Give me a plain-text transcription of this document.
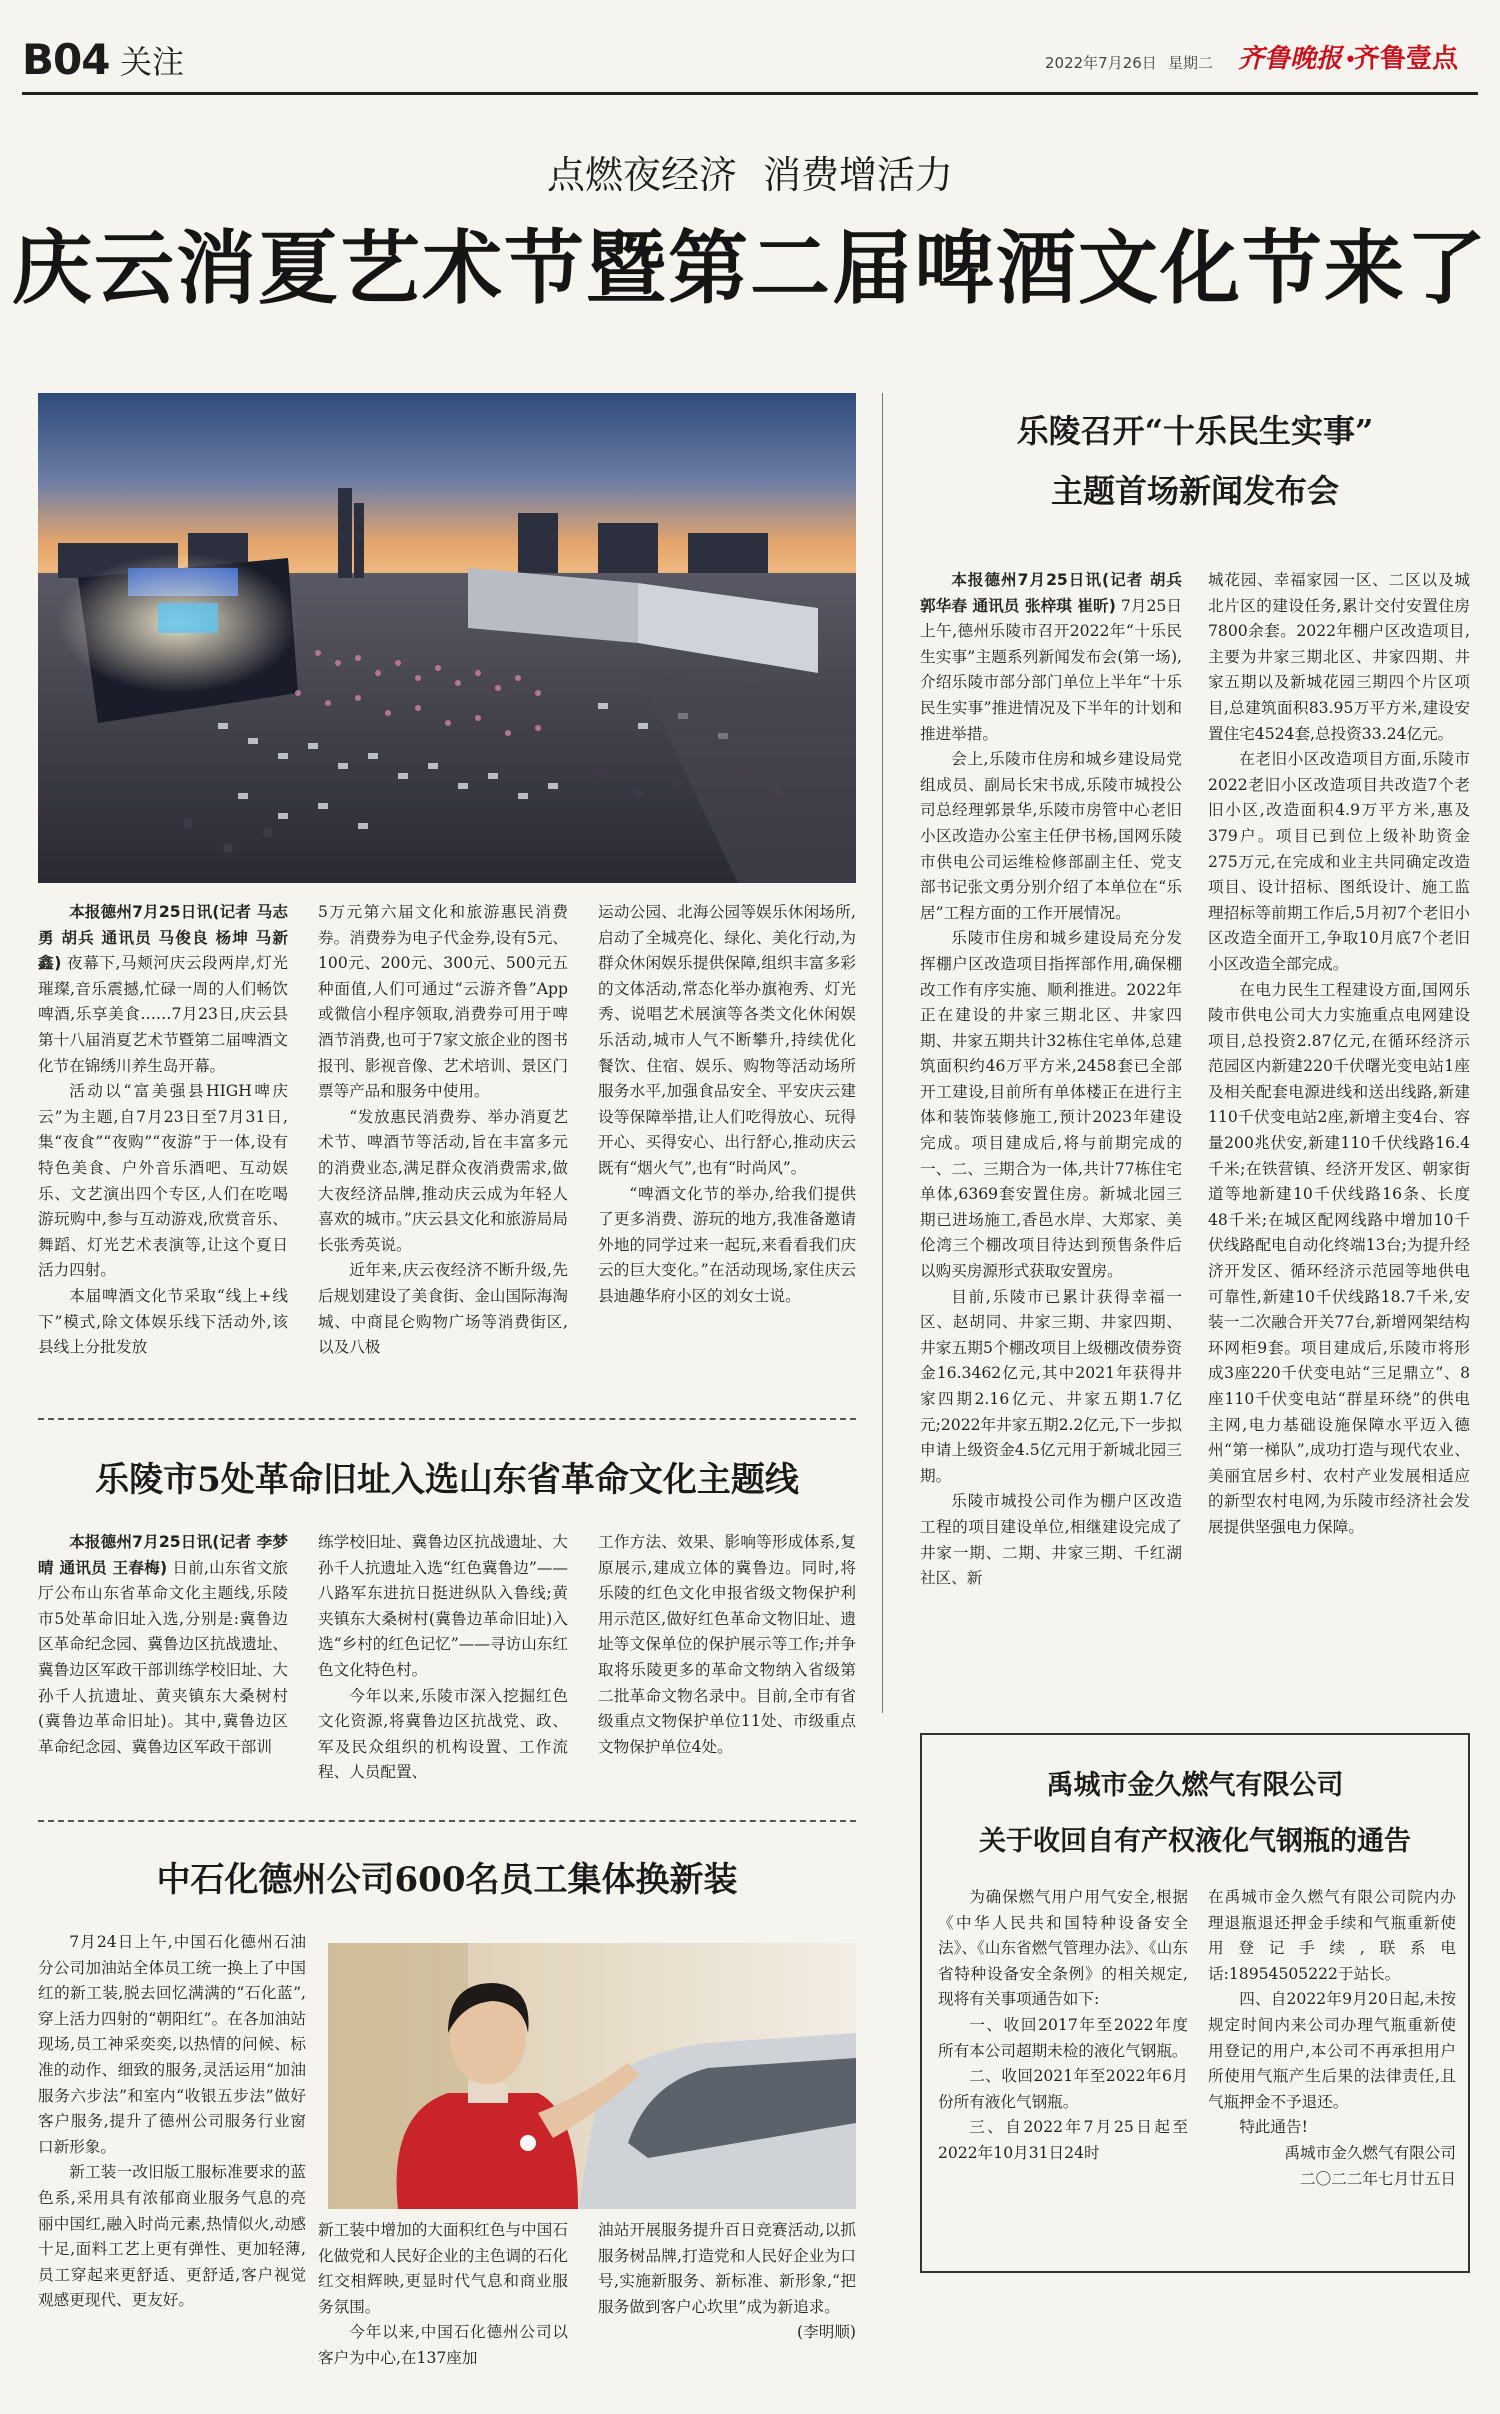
B04 关注	2022年7月26日 星期二 齐鲁晚报 •
齐鲁壹点
点燃夜经济 消费增活力
庆云消夏艺术节暨第二届啤酒文化节来了

本报德州7月25日讯(记者 马志勇 胡兵 通讯员 马俊良 杨坤 马新鑫) 夜幕下,马颊河庆云段两岸,灯光璀璨,音乐震撼,忙碌一周的人们畅饮啤酒,乐享美食……7月23日,庆云县第十八届消夏艺术节暨第二届啤酒文化节在锦绣川养生岛开幕。

活动以“富美强县HIGH啤庆云”为主题,自7月23日至7月31日,集“夜食”“夜购”“夜游”于一体,设有特色美食、户外音乐酒吧、互动娱乐、文艺演出四个专区,人们在吃喝游玩购中,参与互动游戏,欣赏音乐、舞蹈、灯光艺术表演等,让这个夏日活力四射。

本届啤酒文化节采取“线上+线下”模式,除文体娱乐线下活动外,该县线上分批发放

5万元第六届文化和旅游惠民消费券。消费券为电子代金券,设有5元、100元、200元、300元、500元五种面值,人们可通过“云游齐鲁”App或微信小程序领取,消费券可用于啤酒节消费,也可于7家文旅企业的图书报刊、影视音像、艺术培训、景区门票等产品和服务中使用。

“发放惠民消费券、举办消夏艺术节、啤酒节等活动,旨在丰富多元的消费业态,满足群众夜消费需求,做大夜经济品牌,推动庆云成为年轻人喜欢的城市。”庆云县文化和旅游局局长张秀英说。

近年来,庆云夜经济不断升级,先后规划建设了美食街、金山国际海淘城、中商昆仑购物广场等消费街区,以及八极

运动公园、北海公园等娱乐休闲场所,启动了全城亮化、绿化、美化行动,为群众休闲娱乐提供保障,组织丰富多彩的文体活动,常态化举办旗袍秀、灯光秀、说唱艺术展演等各类文化休闲娱乐活动,城市人气不断攀升,持续优化餐饮、住宿、娱乐、购物等活动场所服务水平,加强食品安全、平安庆云建设等保障举措,让人们吃得放心、玩得开心、买得安心、出行舒心,推动庆云既有“烟火气”,也有“时尚风”。

“啤酒文化节的举办,给我们提供了更多消费、游玩的地方,我准备邀请外地的同学过来一起玩,来看看我们庆云的巨大变化。”在活动现场,家住庆云县迪趣华府小区的刘女士说。

乐陵市5处革命旧址入选山东省革命文化主题线

本报德州7月25日讯(记者 李梦晴 通讯员 王春梅) 日前,山东省文旅厅公布山东省革命文化主题线,乐陵市5处革命旧址入选,分别是:冀鲁边区革命纪念园、冀鲁边区抗战遗址、冀鲁边区军政干部训练学校旧址、大孙千人抗遗址、黄夹镇东大桑树村(冀鲁边革命旧址)。其中,冀鲁边区革命纪念园、冀鲁边区军政干部训

练学校旧址、冀鲁边区抗战遗址、大孙千人抗遗址入选“红色冀鲁边”——八路军东进抗日挺进纵队入鲁线;黄夹镇东大桑树村(冀鲁边革命旧址)入选“乡村的红色记忆”——寻访山东红色文化特色村。

今年以来,乐陵市深入挖掘红色文化资源,将冀鲁边区抗战党、政、军及民众组织的机构设置、工作流程、人员配置、

工作方法、效果、影响等形成体系,复原展示,建成立体的冀鲁边。同时,将乐陵的红色文化申报省级文物保护利用示范区,做好红色革命文物旧址、遗址等文保单位的保护展示等工作;并争取将乐陵更多的革命文物纳入省级第二批革命文物名录中。目前,全市有省级重点文物保护单位11处、市级重点文物保护单位4处。

中石化德州公司600名员工集体换新装

7月24日上午,中国石化德州石油分公司加油站全体员工统一换上了中国红的新工装,脱去回忆满满的“石化蓝”,穿上活力四射的“朝阳红”。在各加油站现场,员工神采奕奕,以热情的问候、标准的动作、细致的服务,灵活运用“加油服务六步法”和室内“收银五步法”做好客户服务,提升了德州公司服务行业窗口新形象。

新工装一改旧版工服标准要求的蓝色系,采用具有浓郁商业服务气息的亮丽中国红,融入时尚元素,热情似火,动感十足,面料工艺上更有弹性、更加轻薄,员工穿起来更舒适、更舒适,客户视觉观感更现代、更友好。

新工装中增加的大面积红色与中国石化做党和人民好企业的主色调的石化红交相辉映,更显时代气息和商业服务氛围。

今年以来,中国石化德州公司以客户为中心,在137座加

油站开展服务提升百日竞赛活动,以抓服务树品牌,打造党和人民好企业为口号,实施新服务、新标准、新形象,“把服务做到客户心坎里”成为新追求。

(李明顺)

乐陵召开“十乐民生实事”
主题首场新闻发布会

本报德州7月25日讯(记者 胡兵 郭华春 通讯员 张梓琪 崔昕) 7月25日上午,德州乐陵市召开2022年“十乐民生实事”主题系列新闻发布会(第一场),介绍乐陵市部分部门单位上半年“十乐民生实事”推进情况及下半年的计划和推进举措。

会上,乐陵市住房和城乡建设局党组成员、副局长宋书成,乐陵市城投公司总经理郭景华,乐陵市房管中心老旧小区改造办公室主任伊书杨,国网乐陵市供电公司运维检修部副主任、党支部书记张文勇分别介绍了本单位在“乐居”工程方面的工作开展情况。

乐陵市住房和城乡建设局充分发挥棚户区改造项目指挥部作用,确保棚改工作有序实施、顺利推进。2022年正在建设的井家三期北区、井家四期、井家五期共计32栋住宅单体,总建筑面积约46万平方米,2458套已全部开工建设,目前所有单体楼正在进行主体和装饰装修施工,预计2023年建设完成。项目建成后,将与前期完成的一、二、三期合为一体,共计77栋住宅单体,6369套安置住房。新城北园三期已进场施工,香邑水岸、大郑家、美伦湾三个棚改项目待达到预售条件后以购买房源形式获取安置房。

目前,乐陵市已累计获得幸福一区、赵胡同、井家三期、井家四期、井家五期5个棚改项目上级棚改债券资金16.3462亿元,其中2021年获得井家四期2.16亿元、井家五期1.7亿元;2022年井家五期2.2亿元,下一步拟申请上级资金4.5亿元用于新城北园三期。

乐陵市城投公司作为棚户区改造工程的项目建设单位,相继建设完成了井家一期、二期、井家三期、千红湖社区、新

城花园、幸福家园一区、二区以及城北片区的建设任务,累计交付安置住房7800余套。2022年棚户区改造项目,主要为井家三期北区、井家四期、井家五期以及新城花园三期四个片区项目,总建筑面积83.95万平方米,建设安置住宅4524套,总投资33.24亿元。

在老旧小区改造项目方面,乐陵市2022老旧小区改造项目共改造7个老旧小区,改造面积4.9万平方米,惠及379户。项目已到位上级补助资金275万元,在完成和业主共同确定改造项目、设计招标、图纸设计、施工监理招标等前期工作后,5月初7个老旧小区改造全面开工,争取10月底7个老旧小区改造全部完成。

在电力民生工程建设方面,国网乐陵市供电公司大力实施重点电网建设项目,总投资2.87亿元,在循环经济示范园区内新建220千伏曙光变电站1座及相关配套电源进线和送出线路,新建110千伏变电站2座,新增主变4台、容量200兆伏安,新建110千伏线路16.4千米;在铁营镇、经济开发区、朝家街道等地新建10千伏线路16条、长度48千米;在城区配网线路中增加10千伏线路配电自动化终端13台;为提升经济开发区、循环经济示范园等地供电可靠性,新建10千伏线路18.7千米,安装一二次融合开关77台,新增网架结构环网柜9套。项目建成后,乐陵市将形成3座220千伏变电站“三足鼎立”、8座110千伏变电站“群星环绕”的供电主网,电力基础设施保障水平迈入德州“第一梯队”,成功打造与现代农业、美丽宜居乡村、农村产业发展相适应的新型农村电网,为乐陵市经济社会发展提供坚强电力保障。

禹城市金久燃气有限公司
关于收回自有产权液化气钢瓶的通告

为确保燃气用户用气安全,根据《中华人民共和国特种设备安全法》、《山东省燃气管理办法》、《山东省特种设备安全条例》的相关规定,现将有关事项通告如下:

一、收回2017年至2022年度所有本公司超期未检的液化气钢瓶。

二、收回2021年至2022年6月份所有液化气钢瓶。

三、自2022年7月25日起至2022年10月31日24时

在禹城市金久燃气有限公司院内办理退瓶退还押金手续和气瓶重新使用登记手续,联系电话:18954505222于站长。

四、自2022年9月20日起,未按规定时间内来公司办理气瓶重新使用登记的用户,本公司不再承担用户所使用气瓶产生后果的法律责任,且气瓶押金不予退还。

特此通告!

禹城市金久燃气有限公司

二〇二二年七月廿五日
